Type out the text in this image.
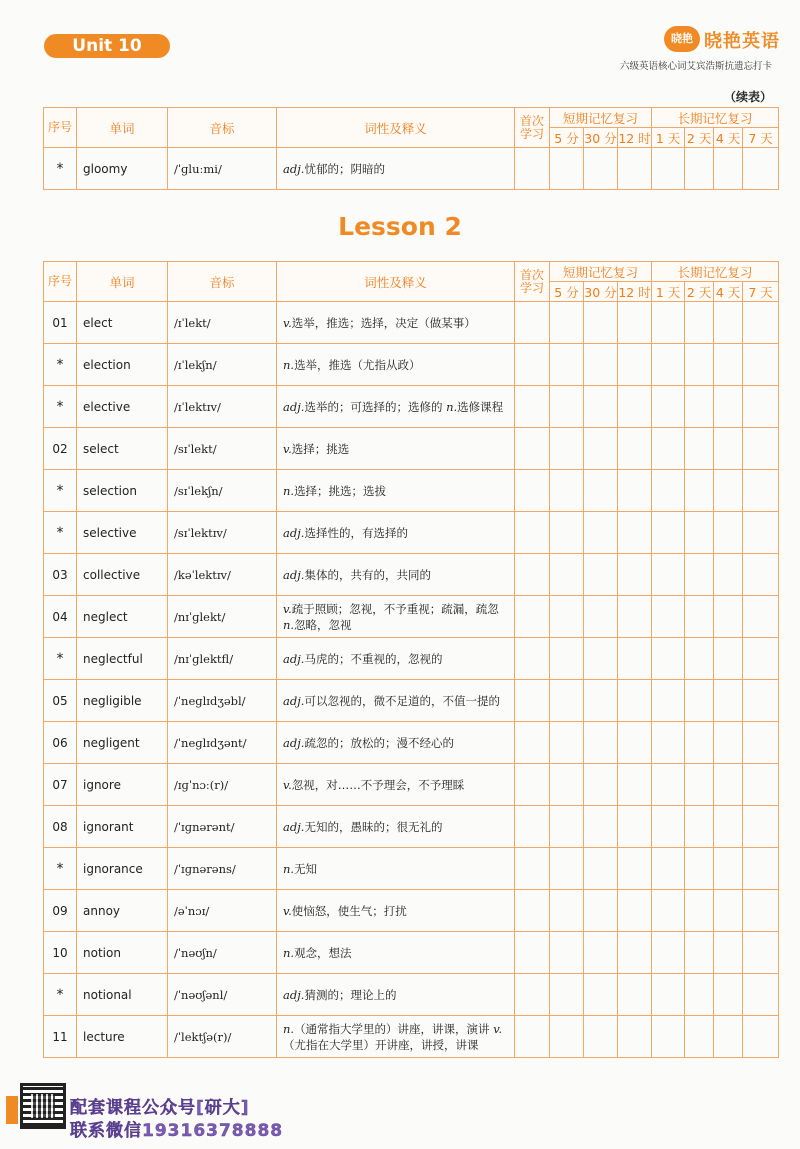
Unit 10	晓艳 晓艳英语
六级英语核心词艾宾浩斯抗遗忘打卡
（续表）
序号	单词	音标	词性及释义	首次学习	短期记忆复习			长期记忆复习			
					5 分	30 分	12 时	1 天	2 天	4 天	7 天
*	gloomy	/ˈɡluːmi/	adj.忧郁的；阴暗的								
Lesson 2
序号	单词	音标	词性及释义	首次学习	短期记忆复习			长期记忆复习			
					5 分	30 分	12 时	1 天	2 天	4 天	7 天
01	elect	/ɪˈlekt/	v.选举，推选；选择，决定（做某事）								
*	election	/ɪˈlekʃn/	n.选举，推选（尤指从政）								
*	elective	/ɪˈlektɪv/	adj.选举的；可选择的；选修的 n.选修课程								
02	select	/sɪˈlekt/	v.选择；挑选								
*	selection	/sɪˈlekʃn/	n.选择；挑选；选拔								
*	selective	/sɪˈlektɪv/	adj.选择性的，有选择的								
03	collective	/kəˈlektɪv/	adj.集体的，共有的，共同的								
04	neglect	/nɪˈɡlekt/	v.疏于照顾；忽视，不予重视；疏漏，疏忽 n.忽略，忽视								
*	neglectful	/nɪˈɡlektfl/	adj.马虎的；不重视的，忽视的								
05	negligible	/ˈneɡlɪdʒəbl/	adj.可以忽视的，微不足道的，不值一提的								
06	negligent	/ˈneɡlɪdʒənt/	adj.疏忽的；放松的；漫不经心的								
07	ignore	/ɪɡˈnɔː(r)/	v.忽视，对……不予理会，不予理睬								
08	ignorant	/ˈɪɡnərənt/	adj.无知的，愚昧的；很无礼的								
*	ignorance	/ˈɪɡnərəns/	n.无知								
09	annoy	/əˈnɔɪ/	v.使恼怒，使生气；打扰								
10	notion	/ˈnəʊʃn/	n.观念，想法								
*	notional	/ˈnəʊʃənl/	adj.猜测的；理论上的								
11	lecture	/ˈlektʃə(r)/	n.（通常指大学里的）讲座，讲课，演讲 v.（尤指在大学里）开讲座，讲授，讲课								
配套课程公众号[研大]
联系微信19316378888
